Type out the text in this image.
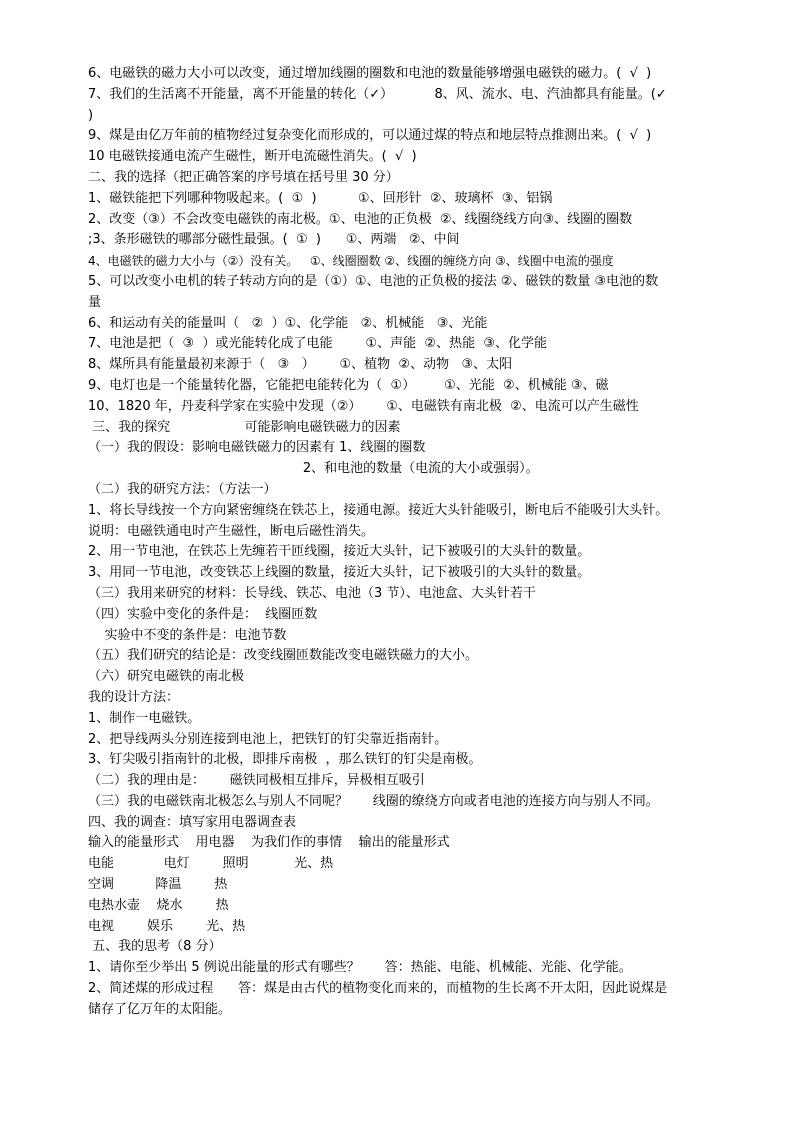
6、电磁铁的磁力大小可以改变，通过增加线圈的圈数和电池的数量能够增强电磁铁的磁力。(  √  )
7、我们的生活离不开能量，离不开能量的转化（✓）          8、风、流水、电、汽油都具有能量。(✓
)
9、煤是由亿万年前的植物经过复杂变化而形成的，可以通过煤的特点和地层特点推测出来。(  √  )
10 电磁铁接通电流产生磁性，断开电流磁性消失。(  √  )
二、我的选择（把正确答案的序号填在括号里 30 分）
1、磁铁能把下列哪种物吸起来。(  ①  )          ①、回形针  ②、玻璃杯  ③、铝锅
2、改变（③）不会改变电磁铁的南北极。①、电池的正负极  ②、线圈绕线方向③、线圈的圈数
;3、条形磁铁的哪部分磁性最强。(  ①  )      ①、两端   ②、中间
4、电磁铁的磁力大小与（②）没有关。   ①、线圈圈数 ②、线圈的缠绕方向 ③、线圈中电流的强度
5、可以改变小电机的转子转动方向的是（①）①、电池的正负极的接法 ②、磁铁的数量 ③电池的数
量
6、和运动有关的能量叫（   ②  ）①、化学能   ②、机械能   ③、光能
7、电池是把（  ③  ）或光能转化成了电能        ①、声能  ②、热能  ③、化学能
8、煤所具有能量最初来源于（   ③   ）      ①、植物  ②、动物   ③、太阳
9、电灯也是一个能量转化器，它能把电能转化为（  ①）       ①、光能  ②、机械能 ③、磁
10、1820 年，丹麦科学家在实验中发现（②）      ①、电磁铁有南北极  ②、电流可以产生磁性
三、我的探究                  可能影响电磁铁磁力的因素
（一）我的假设：影响电磁铁磁力的因素有 1、线圈的圈数
2、和电池的数量（电流的大小或强弱）。
（二）我的研究方法：（方法一）
1、将长导线按一个方向紧密缠绕在铁芯上，接通电源。接近大头针能吸引，断电后不能吸引大头针。
说明：电磁铁通电时产生磁性，断电后磁性消失。
2、用一节电池，在铁芯上先缠若干匝线圈，接近大头针，记下被吸引的大头针的数量。
3、用同一节电池，改变铁芯上线圈的数量，接近大头针，记下被吸引的大头针的数量。
（三）我用来研究的材料：长导线、铁芯、电池（3 节）、电池盒、大头针若干
（四）实验中变化的条件是：  线圈匝数
实验中不变的条件是：电池节数
（五）我们研究的结论是：改变线圈匝数能改变电磁铁磁力的大小。
（六）研究电磁铁的南北极
我的设计方法：
1、制作一电磁铁。
2、把导线两头分别连接到电池上，把铁钉的钉尖靠近指南针。
3、钉尖吸引指南针的北极，即排斥南极  ，那么铁钉的钉尖是南极。
（二）我的理由是：      磁铁同极相互排斥，异极相互吸引
（三）我的电磁铁南北极怎么与别人不同呢？      线圈的缭绕方向或者电池的连接方向与别人不同。
四、我的调查：填写家用电器调查表
输入的能量形式    用电器    为我们作的事情    输出的能量形式
电能            电灯        照明           光、热
空调          降温        热
电热水壶    烧水        热
电视        娱乐        光、热
五、我的思考（8 分）
1、请你至少举出 5 例说出能量的形式有哪些？      答：热能、电能、机械能、光能、化学能。
2、简述煤的形成过程      答：煤是由古代的植物变化而来的，而植物的生长离不开太阳，因此说煤是
储存了亿万年的太阳能。
